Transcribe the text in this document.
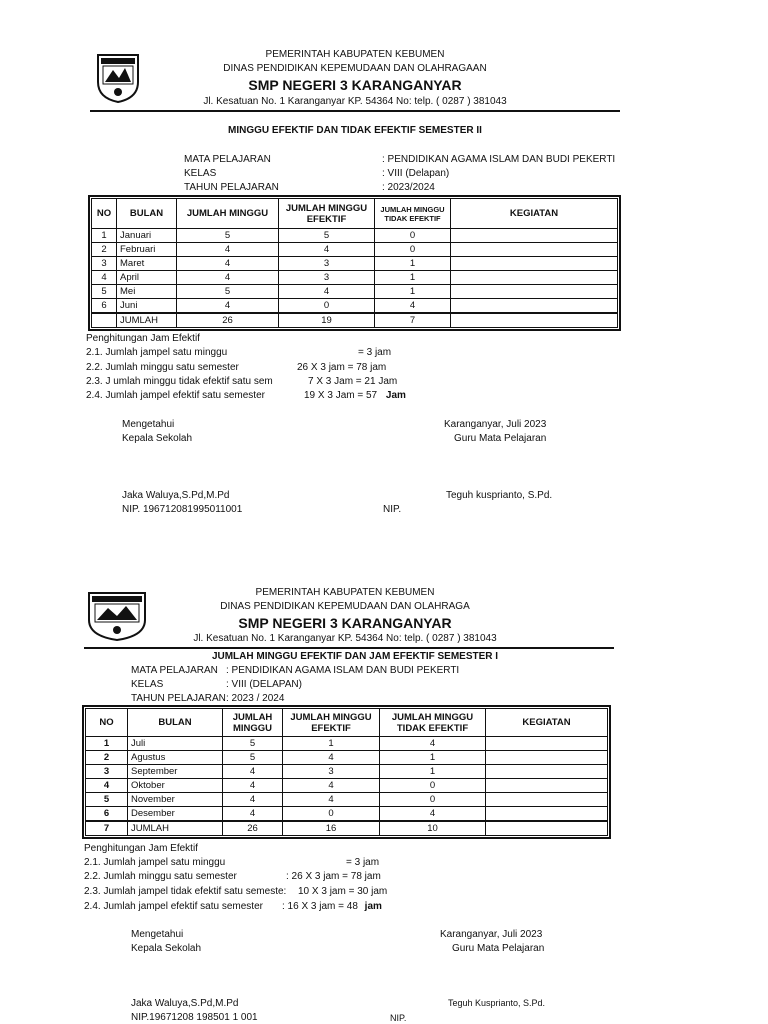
PEMERINTAH KABUPATEN KEBUMEN
DINAS PENDIDIKAN KEPEMUDAAN DAN OLAHRAGAAN
SMP NEGERI 3 KARANGANYAR
Jl. Kesatuan No. 1 Karanganyar KP. 54364 No: telp. ( 0287 ) 381043
MINGGU EFEKTIF DAN TIDAK EFEKTIF SEMESTER II
MATA PELAJARAN	: PENDIDIKAN AGAMA ISLAM DAN BUDI PEKERTI
KELAS	: VIII (Delapan)
TAHUN PELAJARAN	: 2023/2024
NO	BULAN	JUMLAH MINGGU	JUMLAH MINGGU EFEKTIF	JUMLAH MINGGU TIDAK EFEKTIF	KEGIATAN
1	Januari	5	5	0	
2	Februari	4	4	0	
3	Maret	4	3	1	
4	April	4	3	1	
5	Mei	5	4	1	
6	Juni	4	0	4	
	JUMLAH	26	19	7	
Penghitungan Jam Efektif
2.1. Jumlah jampel satu minggu	= 3 jam
2.2. Jumlah minggu satu semester	26 X 3 jam = 78 jam
2.3. J umlah minggu tidak efektif satu sem	7 X 3 Jam = 21 Jam
2.4. Jumlah jampel efektif satu semester	19 X 3 Jam = 57 Jam
Mengetahui
Kepala Sekolah
Karanganyar, Juli 2023
Guru Mata Pelajaran
Jaka Waluya,S.Pd,M.Pd
NIP. 196712081995011001
Teguh kusprianto, S.Pd.
NIP.
PEMERINTAH KABUPATEN KEBUMEN
DINAS PENDIDIKAN KEPEMUDAAN DAN OLAHRAGA
SMP NEGERI 3 KARANGANYAR
Jl. Kesatuan No. 1 Karanganyar KP. 54364 No: telp. ( 0287 ) 381043
JUMLAH MINGGU EFEKTIF DAN JAM EFEKTIF SEMESTER I
MATA PELAJARAN : PENDIDIKAN AGAMA ISLAM DAN BUDI PEKERTI
KELAS	: VIII (DELAPAN)
TAHUN PELAJARAN : 2023 / 2024
NO	BULAN	JUMLAH MINGGU	JUMLAH MINGGU EFEKTIF	JUMLAH MINGGU TIDAK EFEKTIF	KEGIATAN
1	Juli	5	1	4	
2	Agustus	5	4	1	
3	September	4	3	1	
4	Oktober	4	4	0	
5	November	4	4	0	
6	Desember	4	0	4	
7	JUMLAH	26	16	10	
Penghitungan Jam Efektif
2.1. Jumlah jampel satu minggu	= 3 jam
2.2. Jumlah minggu satu semester	: 26 X 3 jam = 78 jam
2.3. Jumlah jampel tidak efektif satu semeste: 10 X 3 jam = 30 jam
2.4. Jumlah jampel efektif satu semester : 16 X 3 jam = 48 jam
Mengetahui
Kepala Sekolah
Karanganyar, Juli 2023
Guru Mata Pelajaran
Jaka Waluya,S.Pd,M.Pd
NIP.19671208 198501 1 001
Teguh Kusprianto, S.Pd.
NIP.
